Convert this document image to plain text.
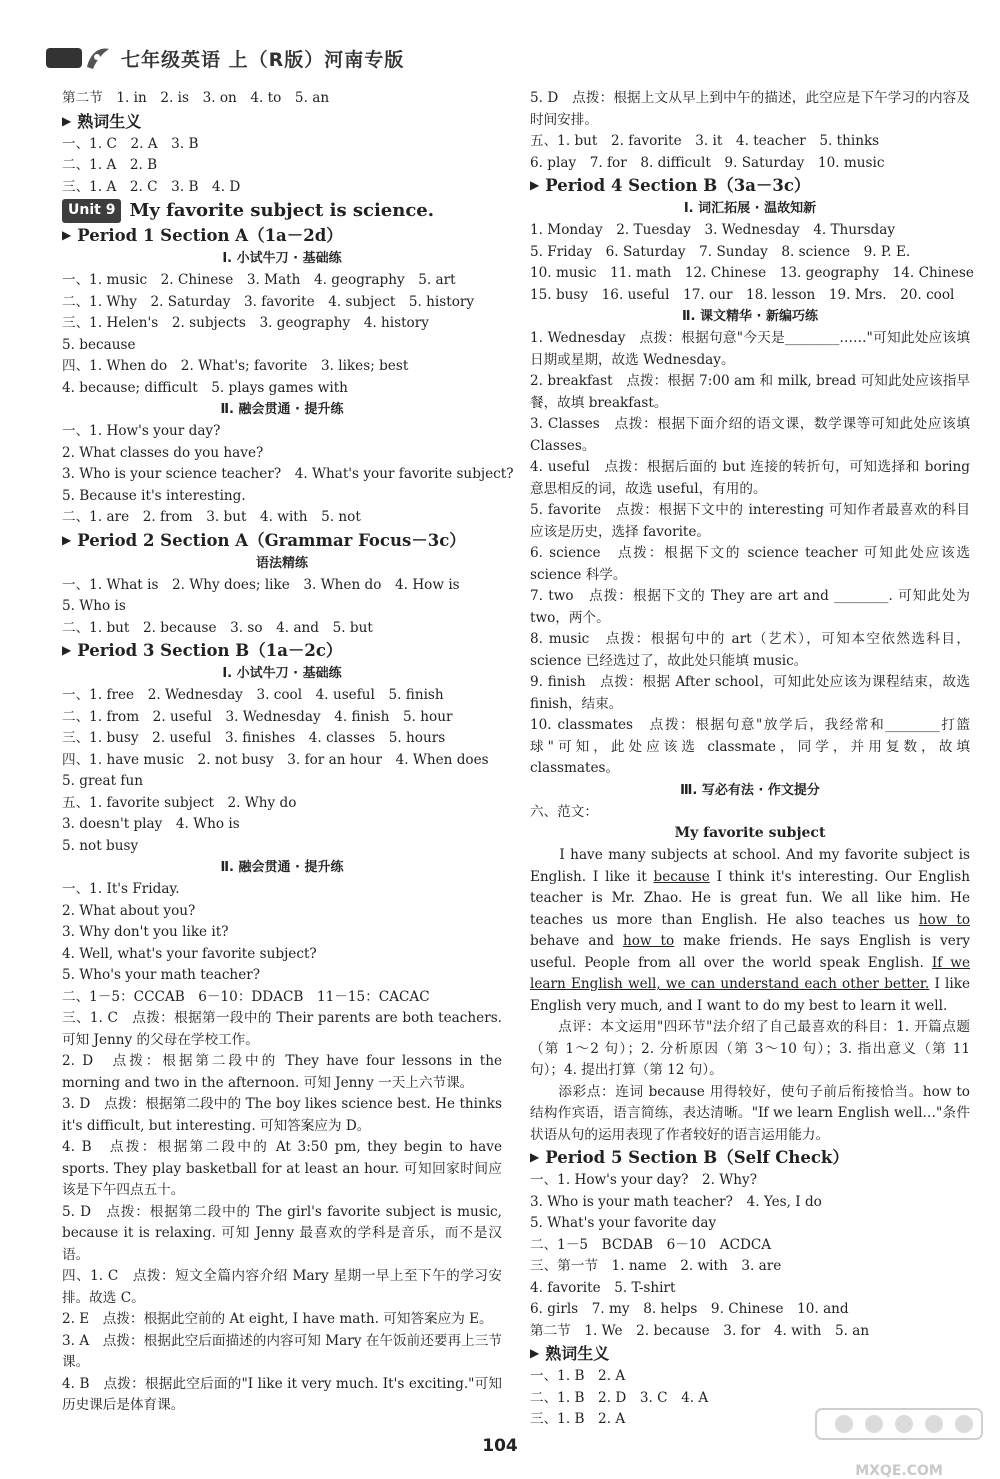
七年级英语 上（R版）河南专版
第二节　1. in　2. is　3. on　4. to　5. an
▶ 熟词生义
一、1. C　2. A　3. B
二、1. A　2. B
三、1. A　2. C　3. B　4. D
Unit 9 My favorite subject is science.
▶ Period 1 Section A（1a－2d）
Ⅰ. 小试牛刀 · 基础练
一、1. music　2. Chinese　3. Math　4. geography　5. art
二、1. Why　2. Saturday　3. favorite　4. subject　5. history
三、1. Helen's　2. subjects　3. geography　4. history
5. because
四、1. When do　2. What's; favorite　3. likes; best
4. because; difficult　5. plays games with
Ⅱ. 融会贯通 · 提升练
一、1. How's your day?
2. What classes do you have?
3. Who is your science teacher?　4. What's your favorite subject?
5. Because it's interesting.
二、1. are　2. from　3. but　4. with　5. not
▶ Period 2 Section A（Grammar Focus－3c）
语法精练
一、1. What is　2. Why does; like　3. When do　4. How is
5. Who is
二、1. but　2. because　3. so　4. and　5. but
▶ Period 3 Section B（1a－2c）
Ⅰ. 小试牛刀 · 基础练
一、1. free　2. Wednesday　3. cool　4. useful　5. finish
二、1. from　2. useful　3. Wednesday　4. finish　5. hour
三、1. busy　2. useful　3. finishes　4. classes　5. hours
四、1. have music　2. not busy　3. for an hour　4. When does
5. great fun
五、1. favorite subject　2. Why do
3. doesn't play　4. Who is
5. not busy
Ⅱ. 融会贯通 · 提升练
一、1. It's Friday.
2. What about you?
3. Why don't you like it?
4. Well, what's your favorite subject?
5. Who's your math teacher?
二、1－5：CCCAB　6－10：DDACB　11－15：CACAC
三、1. C　点拨：根据第一段中的 Their parents are both teachers. 可知 Jenny 的父母在学校工作。
2. D　点拨：根据第二段中的 They have four lessons in the morning and two in the afternoon. 可知 Jenny 一天上六节课。
3. D　点拨：根据第二段中的 The boy likes science best. He thinks it's difficult, but interesting. 可知答案应为 D。
4. B　点拨：根据第二段中的 At 3:50 pm, they begin to have sports. They play basketball for at least an hour. 可知回家时间应该是下午四点五十。
5. D　点拨：根据第二段中的 The girl's favorite subject is music, because it is relaxing. 可知 Jenny 最喜欢的学科是音乐，而不是汉语。
四、1. C　点拨：短文全篇内容介绍 Mary 星期一早上至下午的学习安排。故选 C。
2. E　点拨：根据此空前的 At eight, I have math. 可知答案应为 E。
3. A　点拨：根据此空后面描述的内容可知 Mary 在午饭前还要再上三节课。
4. B　点拨：根据此空后面的"I like it very much. It's exciting."可知历史课后是体育课。
5. D　点拨：根据上文从早上到中午的描述，此空应是下午学习的内容及时间安排。
五、1. but　2. favorite　3. it　4. teacher　5. thinks
6. play　7. for　8. difficult　9. Saturday　10. music
▶ Period 4 Section B（3a－3c）
Ⅰ. 词汇拓展 · 温故知新
1. Monday　2. Tuesday　3. Wednesday　4. Thursday
5. Friday　6. Saturday　7. Sunday　8. science　9. P. E.
10. music　11. math　12. Chinese　13. geography　14. Chinese
15. busy　16. useful　17. our　18. lesson　19. Mrs.　20. cool
Ⅱ. 课文精华 · 新编巧练
1. Wednesday　点拨：根据句意"今天是________……"可知此处应该填日期或星期，故选 Wednesday。
2. breakfast　点拨：根据 7:00 am 和 milk, bread 可知此处应该指早餐，故填 breakfast。
3. Classes　点拨：根据下面介绍的语文课，数学课等可知此处应该填 Classes。
4. useful　点拨：根据后面的 but 连接的转折句，可知选择和 boring 意思相反的词，故选 useful，有用的。
5. favorite　点拨：根据下文中的 interesting 可知作者最喜欢的科目应该是历史，选择 favorite。
6. science　点拨：根据下文的 science teacher 可知此处应该选 science 科学。
7. two　点拨：根据下文的 They are art and ________. 可知此处为 two，两个。
8. music　点拨：根据句中的 art（艺术），可知本空依然选科目，science 已经选过了，故此处只能填 music。
9. finish　点拨：根据 After school，可知此处应该为课程结束，故选 finish，结束。
10. classmates　点拨：根据句意"放学后，我经常和________打篮球"可知，此处应该选 classmate，同学，并用复数，故填 classmates。
Ⅲ. 写必有法 · 作文提分
六、范文：
My favorite subject
　　I have many subjects at school. And my favorite subject is English. I like it because I think it's interesting. Our English teacher is Mr. Zhao. He is great fun. We all like him. He teaches us more than English. He also teaches us how to behave and how to make friends. He says English is very useful. People from all over the world speak English. If we learn English well, we can understand each other better. I like English very much, and I want to do my best to learn it well.
　　点评：本文运用"四环节"法介绍了自己最喜欢的科目：1. 开篇点题（第 1～2 句）；2. 分析原因（第 3～10 句）；3. 指出意义（第 11 句）；4. 提出打算（第 12 句）。
　　添彩点：连词 because 用得较好，使句子前后衔接恰当。how to 结构作宾语，语言简练，表达清晰。"If we learn English well…"条件状语从句的运用表现了作者较好的语言运用能力。
▶ Period 5 Section B（Self Check）
一、1. How's your day?　2. Why?
3. Who is your math teacher?　4. Yes, I do
5. What's your favorite day
二、1－5　BCDAB　6－10　ACDCA
三、第一节　1. name　2. with　3. are
4. favorite　5. T-shirt
6. girls　7. my　8. helps　9. Chinese　10. and
第二节　1. We　2. because　3. for　4. with　5. an
▶ 熟词生义
一、1. B　2. A
二、1. B　2. D　3. C　4. A
三、1. B　2. A
104
MXQE.COM
